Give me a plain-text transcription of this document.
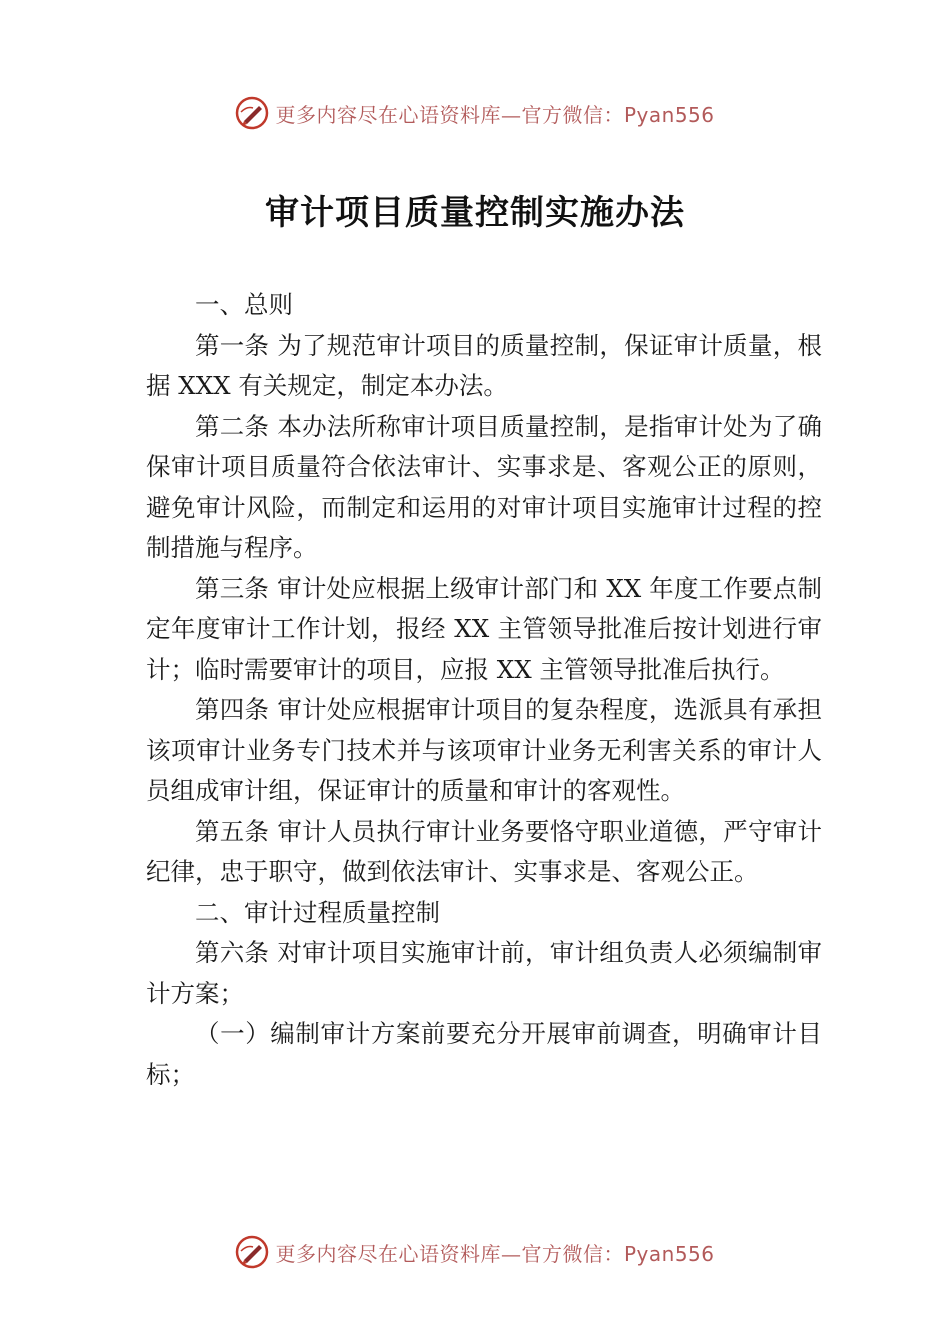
更多内容尽在心语资料库—官方微信：Pyan556
审计项目质量控制实施办法

一、总则

第一条 为了规范审计项目的质量控制，保证审计质量，根据 XXX 有关规定，制定本办法。

第二条 本办法所称审计项目质量控制，是指审计处为了确保审计项目质量符合依法审计、实事求是、客观公正的原则，避免审计风险，而制定和运用的对审计项目实施审计过程的控制措施与程序。

第三条 审计处应根据上级审计部门和 XX 年度工作要点制定年度审计工作计划，报经 XX 主管领导批准后按计划进行审计；临时需要审计的项目，应报 XX 主管领导批准后执行。

第四条 审计处应根据审计项目的复杂程度，选派具有承担该项审计业务专门技术并与该项审计业务无利害关系的审计人员组成审计组，保证审计的质量和审计的客观性。

第五条 审计人员执行审计业务要恪守职业道德，严守审计纪律，忠于职守，做到依法审计、实事求是、客观公正。

二、审计过程质量控制

第六条 对审计项目实施审计前，审计组负责人必须编制审计方案；

（一）编制审计方案前要充分开展审前调查，明确审计目标；

更多内容尽在心语资料库—官方微信：Pyan556
